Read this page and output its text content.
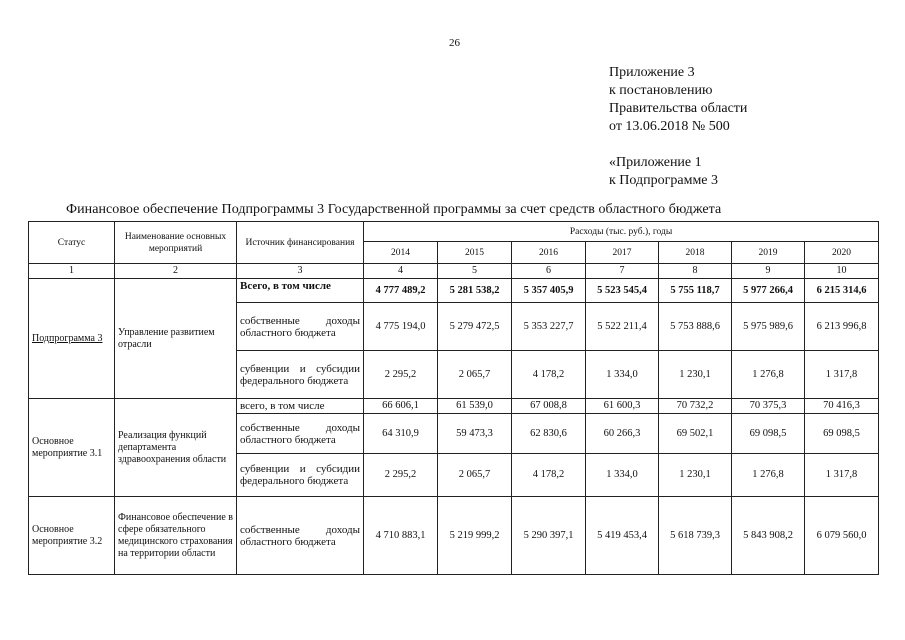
26
Приложение 3
к постановлению
Правительства области
от 13.06.2018 № 500
«Приложение 1
к Подпрограмме 3
Финансовое обеспечение Подпрограммы 3 Государственной программы за счет средств областного бюджета
Статус	Наименование основных мероприятий	Источник финансирования	Расходы (тыс. руб.), годы						
			2014	2015	2016	2017	2018	2019	2020
1	2	3	4	5	6	7	8	9	10
Подпрограмма 3	Управление развитием отрасли	Всего, в том числе	4 777 489,2	5 281 538,2	5 357 405,9	5 523 545,4	5 755 118,7	5 977 266,4	6 215 314,6
		собственные доходы областного бюджета	4 775 194,0	5 279 472,5	5 353 227,7	5 522 211,4	5 753 888,6	5 975 989,6	6 213 996,8
		субвенции и субсидии федерального бюджета	2 295,2	2 065,7	4 178,2	1 334,0	1 230,1	1 276,8	1 317,8
Основное мероприятие 3.1	Реализация функций департамента здравоохранения области	всего, в том числе	66 606,1	61 539,0	67 008,8	61 600,3	70 732,2	70 375,3	70 416,3
		собственные доходы областного бюджета	64 310,9	59 473,3	62 830,6	60 266,3	69 502,1	69 098,5	69 098,5
		субвенции и субсидии федерального бюджета	2 295,2	2 065,7	4 178,2	1 334,0	1 230,1	1 276,8	1 317,8
Основное мероприятие 3.2	Финансовое обеспечение в сфере обязательного медицинского страхования на территории области	собственные доходы областного бюджета	4 710 883,1	5 219 999,2	5 290 397,1	5 419 453,4	5 618 739,3	5 843 908,2	6 079 560,0
